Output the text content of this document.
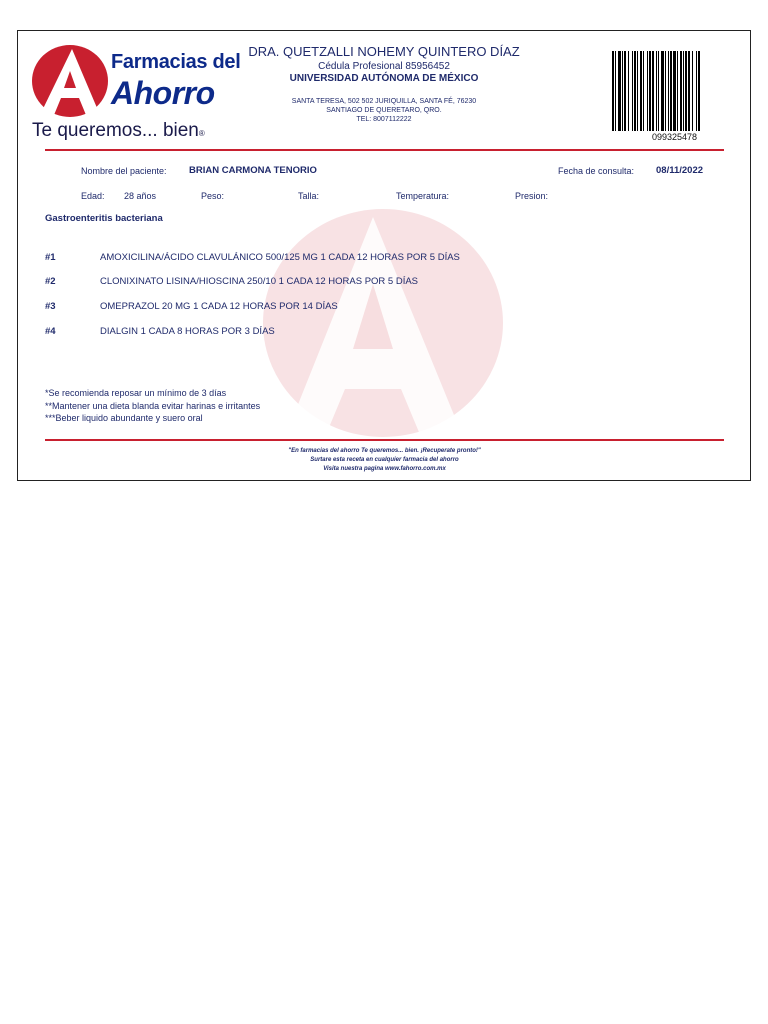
Farmacias del
Ahorro
Te queremos... bien®
DRA. QUETZALLI NOHEMY QUINTERO DÍAZ
Cédula Profesional 85956452
UNIVERSIDAD AUTÓNOMA DE MÉXICO
SANTA TERESA, 502 502 JURIQUILLA, SANTA FÉ, 76230
SANTIAGO DE QUERETARO, QRO.
TEL: 8007112222
099325478
Nombre del paciente: BRIAN CARMONA TENORIO	Fecha de consulta: 08/11/2022
Edad: 28 años	Peso:	Talla:	Temperatura:	Presion:
Gastroenteritis bacteriana
#1	AMOXICILINA/ÁCIDO CLAVULÁNICO 500/125 MG 1 CADA 12 HORAS POR 5 DÍAS
#2	CLONIXINATO LISINA/HIOSCINA 250/10 1 CADA 12 HORAS POR 5 DÍAS
#3	OMEPRAZOL 20 MG 1 CADA 12 HORAS POR 14 DÍAS
#4	DIALGIN 1 CADA 8 HORAS POR 3 DÍAS
*Se recomienda reposar un mínimo de 3 días
**Mantener una dieta blanda evitar harinas e irritantes
***Beber liquido abundante y suero oral
"En farmacias del ahorro Te queremos... bien. ¡Recuperate pronto!"
Surtare esta receta en cualquier farmacia del ahorro
Visita nuestra pagina www.fahorro.com.mx
